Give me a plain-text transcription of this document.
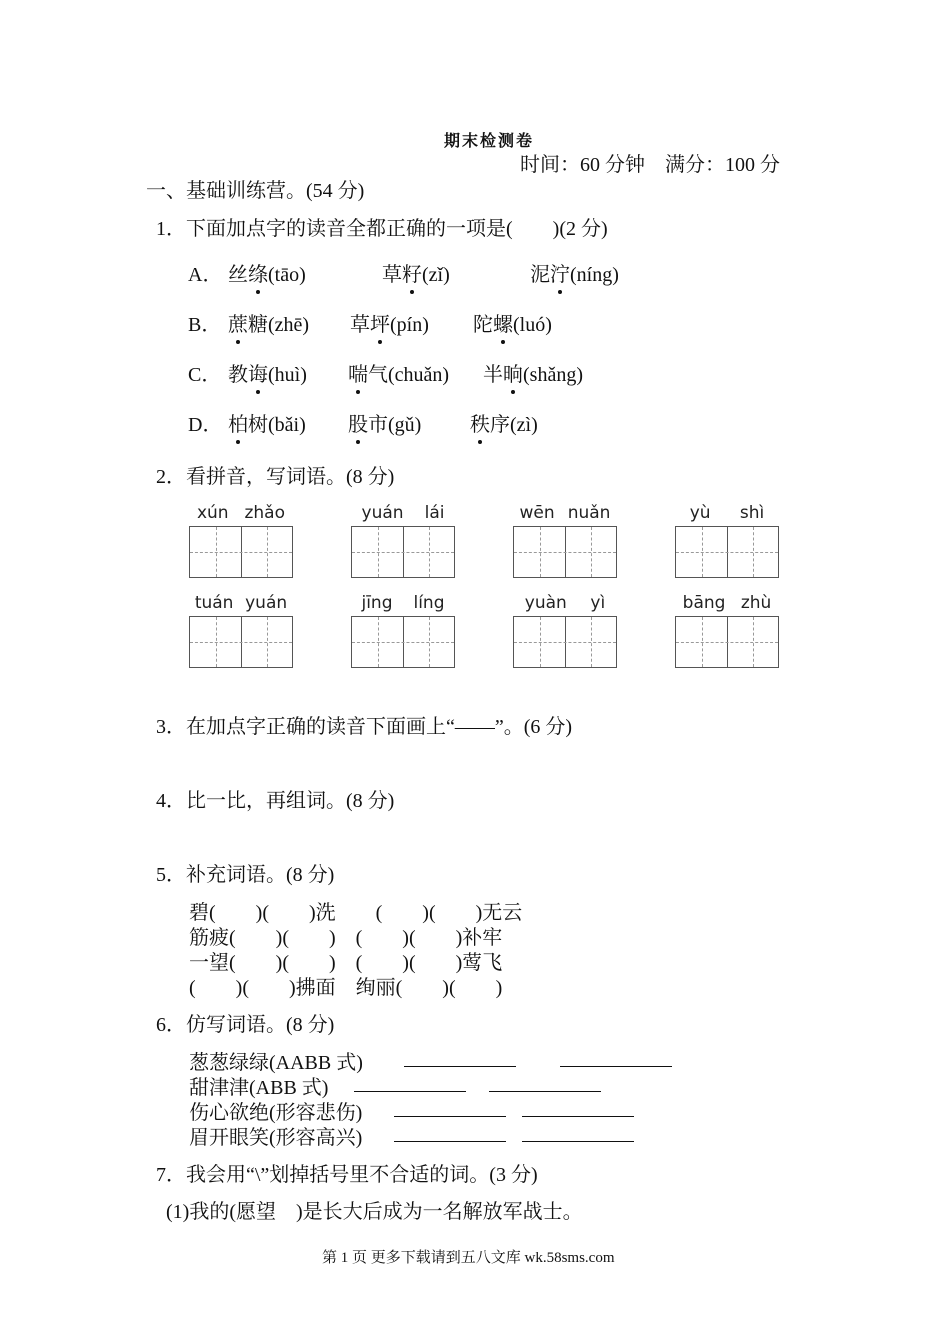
期末检测卷
时间：60 分钟　满分：100 分
一、基础训练营。(54 分)
1．下面加点字的读音全都正确的一项是(　　)(2 分)
A． 丝绦(tāo)	草籽(zǐ)	泥泞(níng)
B． 蔗糖(zhē) 草坪(pín) 陀螺(luó)
C． 教诲(huì) 喘气(chuǎn) 半晌(shǎng)
D． 柏树(bǎi) 股市(gǔ) 秩序(zì)
2．看拼音，写词语。(8 分)
xún zhǎo	yuán lái	wēn nuǎn	yù shì
tuán yuán	jīng líng	yuàn yì	bāng zhù
3．在加点字正确的读音下面画上“——”。(6 分)
4．比一比，再组词。(8 分)
5．补充词语。(8 分)
碧(　　)(　　)洗　　(　　)(　　)无云
筋疲(　　)(　　)　(　　)(　　)补牢
一望(　　)(　　)　(　　)(　　)莺飞
(　　)(　　)拂面　绚丽(　　)(　　)
6．仿写词语。(8 分)
葱葱绿绿(AABB 式)
甜津津(ABB 式)
伤心欲绝(形容悲伤)
眉开眼笑(形容高兴)
7．我会用“\”划掉括号里不合适的词。(3 分)
(1)我的(愿望　)是长大后成为一名解放军战士。
第 1 页 更多下载请到五八文库 wk.58sms.com
